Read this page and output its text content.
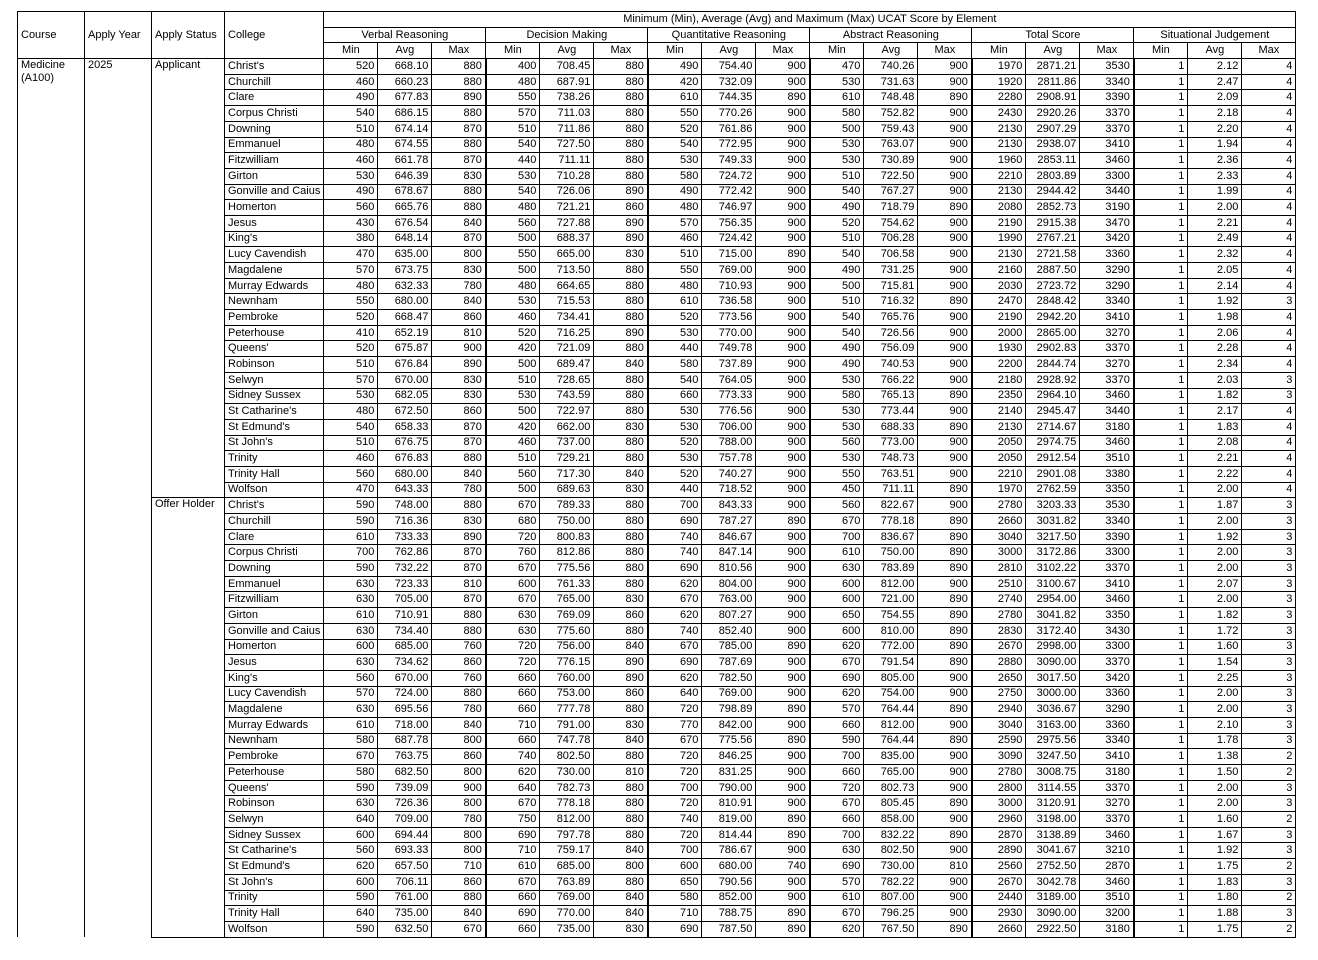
Course	Apply Year	Apply Status	College	Minimum (Min), Average (Avg) and Maximum (Max) UCAT Score by Element																	
				Verbal Reasoning			Decision Making			Quantitative Reasoning			Abstract Reasoning			Total Score			Situational Judgement		
				Min	Avg	Max	Min	Avg	Max	Min	Avg	Max	Min	Avg	Max	Min	Avg	Max	Min	Avg	Max

Medicine
(A100)	2025	Applicant	Christ's	520	668.10	880	400	708.45	880	490	754.40	900	470	740.26	900	1970	2871.21	3530	1	2.12	4
			Churchill	460	660.23	880	480	687.91	880	420	732.09	900	530	731.63	900	1920	2811.86	3340	1	2.47	4
			Clare	490	677.83	890	550	738.26	880	610	744.35	890	610	748.48	890	2280	2908.91	3390	1	2.09	4
			Corpus Christi	540	686.15	880	570	711.03	880	550	770.26	900	580	752.82	900	2430	2920.26	3370	1	2.18	4
			Downing	510	674.14	870	510	711.86	880	520	761.86	900	500	759.43	900	2130	2907.29	3370	1	2.20	4
			Emmanuel	480	674.55	880	540	727.50	880	540	772.95	900	530	763.07	900	2130	2938.07	3410	1	1.94	4
			Fitzwilliam	460	661.78	870	440	711.11	880	530	749.33	900	530	730.89	900	1960	2853.11	3460	1	2.36	4
			Girton	530	646.39	830	530	710.28	880	580	724.72	900	510	722.50	900	2210	2803.89	3300	1	2.33	4
			Gonville and Caius	490	678.67	880	540	726.06	890	490	772.42	900	540	767.27	900	2130	2944.42	3440	1	1.99	4
			Homerton	560	665.76	880	480	721.21	860	480	746.97	900	490	718.79	890	2080	2852.73	3190	1	2.00	4
			Jesus	430	676.54	840	560	727.88	890	570	756.35	900	520	754.62	900	2190	2915.38	3470	1	2.21	4
			King's	380	648.14	870	500	688.37	890	460	724.42	900	510	706.28	900	1990	2767.21	3420	1	2.49	4
			Lucy Cavendish	470	635.00	800	550	665.00	830	510	715.00	890	540	706.58	900	2130	2721.58	3360	1	2.32	4
			Magdalene	570	673.75	830	500	713.50	880	550	769.00	900	490	731.25	900	2160	2887.50	3290	1	2.05	4
			Murray Edwards	480	632.33	780	480	664.65	880	480	710.93	900	500	715.81	900	2030	2723.72	3290	1	2.14	4
			Newnham	550	680.00	840	530	715.53	880	610	736.58	900	510	716.32	890	2470	2848.42	3340	1	1.92	3
			Pembroke	520	668.47	860	460	734.41	880	520	773.56	900	540	765.76	900	2190	2942.20	3410	1	1.98	4
			Peterhouse	410	652.19	810	520	716.25	890	530	770.00	900	540	726.56	900	2000	2865.00	3270	1	2.06	4
			Queens'	520	675.87	900	420	721.09	880	440	749.78	900	490	756.09	900	1930	2902.83	3370	1	2.28	4
			Robinson	510	676.84	890	500	689.47	840	580	737.89	900	490	740.53	900	2200	2844.74	3270	1	2.34	4
			Selwyn	570	670.00	830	510	728.65	880	540	764.05	900	530	766.22	900	2180	2928.92	3370	1	2.03	3
			Sidney Sussex	530	682.05	830	530	743.59	880	660	773.33	900	580	765.13	890	2350	2964.10	3460	1	1.82	3
			St Catharine's	480	672.50	860	500	722.97	880	530	776.56	900	530	773.44	900	2140	2945.47	3440	1	2.17	4
			St Edmund's	540	658.33	870	420	662.00	830	530	706.00	900	530	688.33	890	2130	2714.67	3180	1	1.83	4
			St John's	510	676.75	870	460	737.00	880	520	788.00	900	560	773.00	900	2050	2974.75	3460	1	2.08	4
			Trinity	460	676.83	880	510	729.21	880	530	757.78	900	530	748.73	900	2050	2912.54	3510	1	2.21	4
			Trinity Hall	560	680.00	840	560	717.30	840	520	740.27	900	550	763.51	900	2210	2901.08	3380	1	2.22	4
			Wolfson	470	643.33	780	500	689.63	830	440	718.52	900	450	711.11	890	1970	2762.59	3350	1	2.00	4
		Offer Holder	Christ's	590	748.00	880	670	789.33	880	700	843.33	900	560	822.67	900	2780	3203.33	3530	1	1.87	3
			Churchill	590	716.36	830	680	750.00	880	690	787.27	890	670	778.18	890	2660	3031.82	3340	1	2.00	3
			Clare	610	733.33	890	720	800.83	880	740	846.67	900	700	836.67	890	3040	3217.50	3390	1	1.92	3
			Corpus Christi	700	762.86	870	760	812.86	880	740	847.14	900	610	750.00	890	3000	3172.86	3300	1	2.00	3
			Downing	590	732.22	870	670	775.56	880	690	810.56	900	630	783.89	890	2810	3102.22	3370	1	2.00	3
			Emmanuel	630	723.33	810	600	761.33	880	620	804.00	900	600	812.00	900	2510	3100.67	3410	1	2.07	3
			Fitzwilliam	630	705.00	870	670	765.00	830	670	763.00	900	600	721.00	890	2740	2954.00	3460	1	2.00	3
			Girton	610	710.91	880	630	769.09	860	620	807.27	900	650	754.55	890	2780	3041.82	3350	1	1.82	3
			Gonville and Caius	630	734.40	880	630	775.60	880	740	852.40	900	600	810.00	890	2830	3172.40	3430	1	1.72	3
			Homerton	600	685.00	760	720	756.00	840	670	785.00	890	620	772.00	890	2670	2998.00	3300	1	1.60	3
			Jesus	630	734.62	860	720	776.15	890	690	787.69	900	670	791.54	890	2880	3090.00	3370	1	1.54	3
			King's	560	670.00	760	660	760.00	890	620	782.50	900	690	805.00	900	2650	3017.50	3420	1	2.25	3
			Lucy Cavendish	570	724.00	880	660	753.00	860	640	769.00	900	620	754.00	900	2750	3000.00	3360	1	2.00	3
			Magdalene	630	695.56	780	660	777.78	880	720	798.89	890	570	764.44	890	2940	3036.67	3290	1	2.00	3
			Murray Edwards	610	718.00	840	710	791.00	830	770	842.00	900	660	812.00	900	3040	3163.00	3360	1	2.10	3
			Newnham	580	687.78	800	660	747.78	840	670	775.56	890	590	764.44	890	2590	2975.56	3340	1	1.78	3
			Pembroke	670	763.75	860	740	802.50	880	720	846.25	900	700	835.00	900	3090	3247.50	3410	1	1.38	2
			Peterhouse	580	682.50	800	620	730.00	810	720	831.25	900	660	765.00	900	2780	3008.75	3180	1	1.50	2
			Queens'	590	739.09	900	640	782.73	880	700	790.00	900	720	802.73	900	2800	3114.55	3370	1	2.00	3
			Robinson	630	726.36	800	670	778.18	880	720	810.91	900	670	805.45	890	3000	3120.91	3270	1	2.00	3
			Selwyn	640	709.00	780	750	812.00	880	740	819.00	890	660	858.00	900	2960	3198.00	3370	1	1.60	2
			Sidney Sussex	600	694.44	800	690	797.78	880	720	814.44	890	700	832.22	890	2870	3138.89	3460	1	1.67	3
			St Catharine's	560	693.33	800	710	759.17	840	700	786.67	900	630	802.50	900	2890	3041.67	3210	1	1.92	3
			St Edmund's	620	657.50	710	610	685.00	800	600	680.00	740	690	730.00	810	2560	2752.50	2870	1	1.75	2
			St John's	600	706.11	860	670	763.89	880	650	790.56	900	570	782.22	900	2670	3042.78	3460	1	1.83	3
			Trinity	590	761.00	880	660	769.00	840	580	852.00	900	610	807.00	900	2440	3189.00	3510	1	1.80	2
			Trinity Hall	640	735.00	840	690	770.00	840	710	788.75	890	670	796.25	900	2930	3090.00	3200	1	1.88	3
			Wolfson	590	632.50	670	660	735.00	830	690	787.50	890	620	767.50	890	2660	2922.50	3180	1	1.75	2
